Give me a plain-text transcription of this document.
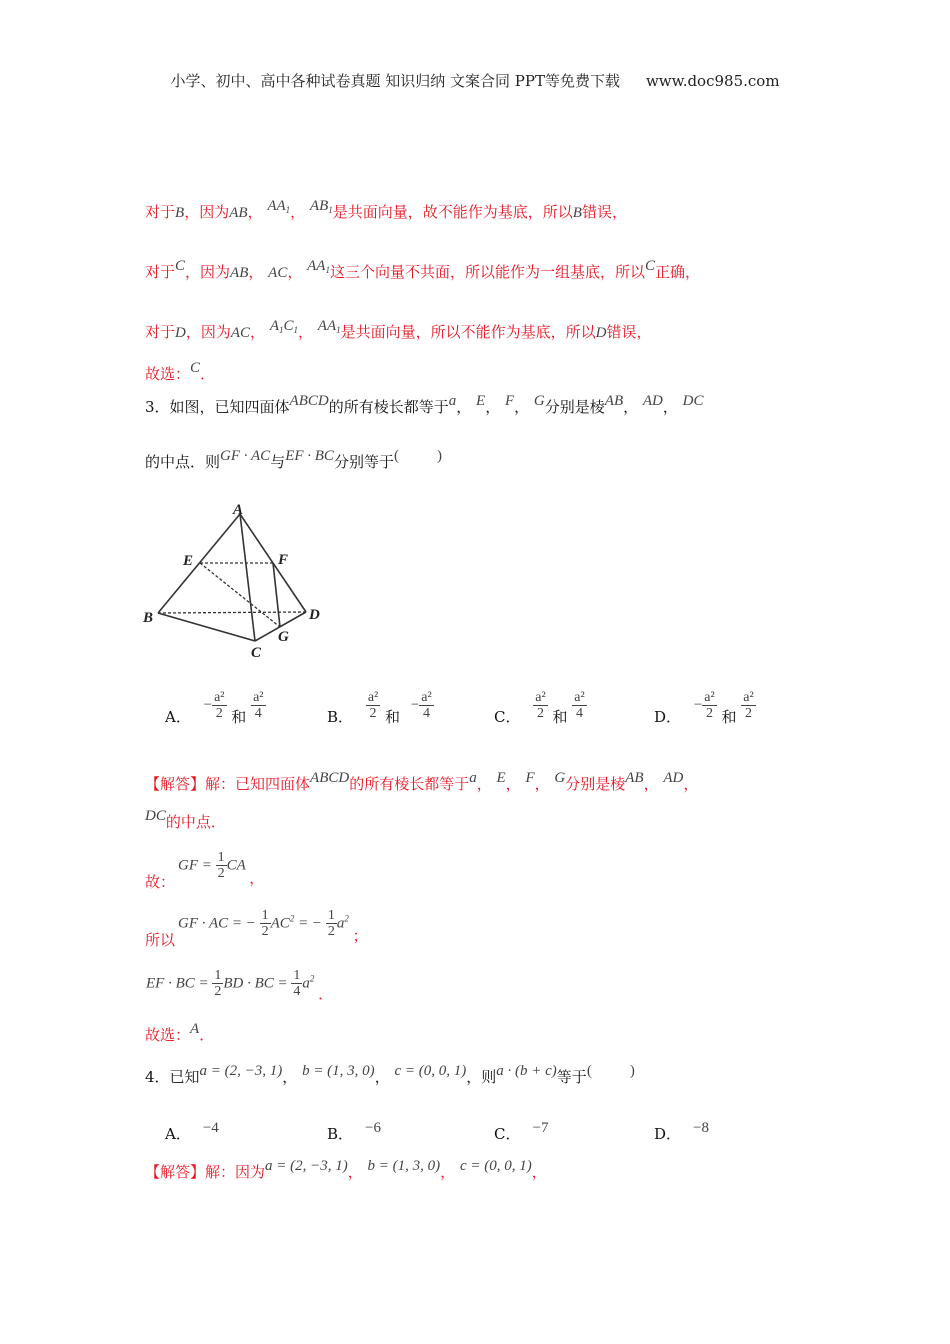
小学、初中、高中各种试卷真题 知识归纳 文案合同 PPT等免费下载 www.doc985.com
对于B，因为AB， $AA_1$， $AB_1$是共面向量，故不能作为基底，所以B错误，
对于C，因为AB， AC， $AA_1$这三个向量不共面，所以能作为一组基底，所以C正确，
对于D，因为AC， $A_1C_1$， $AA_1$是共面向量，所以不能作为基底，所以D错误，
故选：C．
3．如图，已知四面体ABCD的所有棱长都等于a， E， F， G分别是棱AB， AD， DC
的中点．则GF · AC与EF · BC分别等于(	)
A
B
C
D
E	F
G
A． − $\frac{\text{a²}}{2}$ 和 $\frac{\text{a²}}{4}$	B． $\frac{\text{a²}}{2}$ 和 − $\frac{\text{a²}}{4}$	C． $\frac{\text{a²}}{2}$ 和 $\frac{\text{a²}}{4}$	D． − $\frac{\text{a²}}{2}$ 和 $\frac{\text{a²}}{2}$
【解答】解：已知四面体ABCD的所有棱长都等于a， E， F， G分别是棱AB， AD，
DC的中点．
故：
GF = $\frac{1}{2}$ CA ，
所以
GF · AC = − $\frac{1}{2} AC^2$ = − $\frac{1}{2} a^2$ ；
EF · BC = $\frac{1}{2}$ BD · BC = $\frac{1}{4} a^2$ ．
故选：A．
4．已知a = (2, −3, 1)， b = (1, 3, 0)， c = (0, 0, 1)，则a · (b + c)等于(	)
A． −4	B． −6	C． −7	D． −8
【解答】解：因为a = (2, −3, 1)， b = (1, 3, 0)， c = (0, 0, 1)，
